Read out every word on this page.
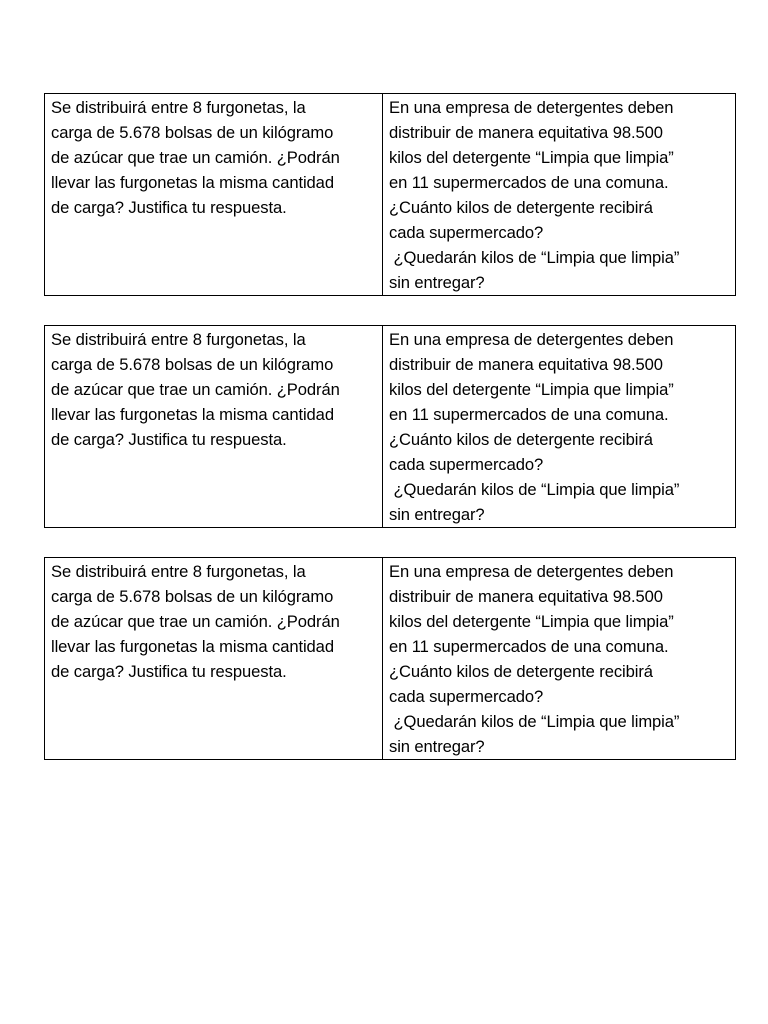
Se distribuirá entre 8 furgonetas, la
carga de 5.678 bolsas de un kilógramo
de azúcar que trae un camión. ¿Podrán
llevar las furgonetas la misma cantidad
de carga? Justifica tu respuesta.

En una empresa de detergentes deben
distribuir de manera equitativa 98.500
kilos del detergente “Limpia que limpia”
en 11 supermercados de una comuna.
¿Cuánto kilos de detergente recibirá
cada supermercado?
¿Quedarán kilos de “Limpia que limpia”
sin entregar?
Se distribuirá entre 8 furgonetas, la
carga de 5.678 bolsas de un kilógramo
de azúcar que trae un camión. ¿Podrán
llevar las furgonetas la misma cantidad
de carga? Justifica tu respuesta.

En una empresa de detergentes deben
distribuir de manera equitativa 98.500
kilos del detergente “Limpia que limpia”
en 11 supermercados de una comuna.
¿Cuánto kilos de detergente recibirá
cada supermercado?
¿Quedarán kilos de “Limpia que limpia”
sin entregar?
Se distribuirá entre 8 furgonetas, la
carga de 5.678 bolsas de un kilógramo
de azúcar que trae un camión. ¿Podrán
llevar las furgonetas la misma cantidad
de carga? Justifica tu respuesta.

En una empresa de detergentes deben
distribuir de manera equitativa 98.500
kilos del detergente “Limpia que limpia”
en 11 supermercados de una comuna.
¿Cuánto kilos de detergente recibirá
cada supermercado?
¿Quedarán kilos de “Limpia que limpia”
sin entregar?
